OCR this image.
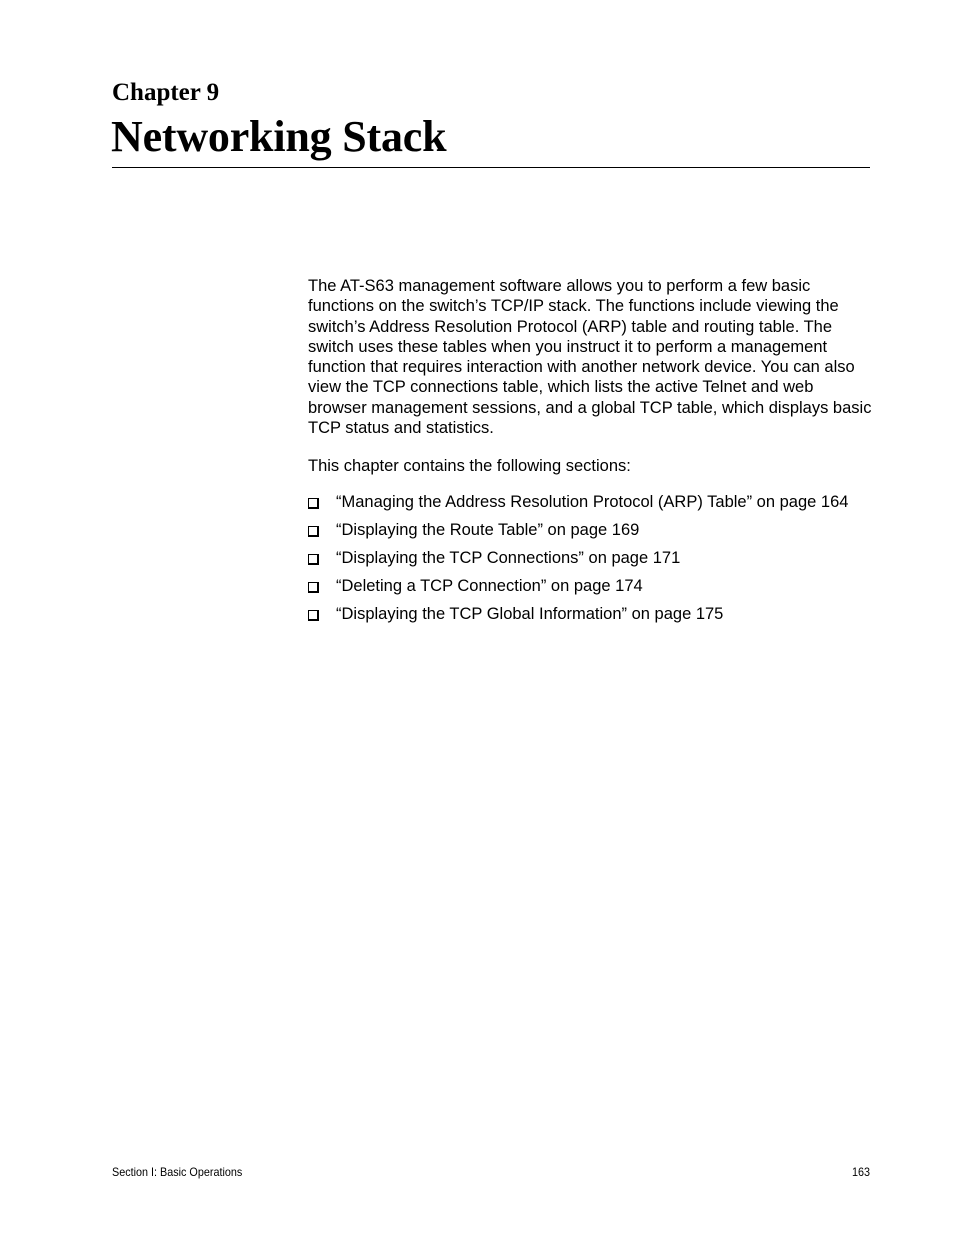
Chapter 9
Networking Stack

The AT-S63 management software allows you to perform a few basic functions on the switch’s TCP/IP stack. The functions include viewing the switch’s Address Resolution Protocol (ARP) table and routing table. The switch uses these tables when you instruct it to perform a management function that requires interaction with another network device. You can also view the TCP connections table, which lists the active Telnet and web browser management sessions, and a global TCP table, which displays basic TCP status and statistics.

This chapter contains the following sections:

“Managing the Address Resolution Protocol (ARP) Table” on page 164
“Displaying the Route Table” on page 169
“Displaying the TCP Connections” on page 171
“Deleting a TCP Connection” on page 174
“Displaying the TCP Global Information” on page 175
Section I: Basic Operations	163
